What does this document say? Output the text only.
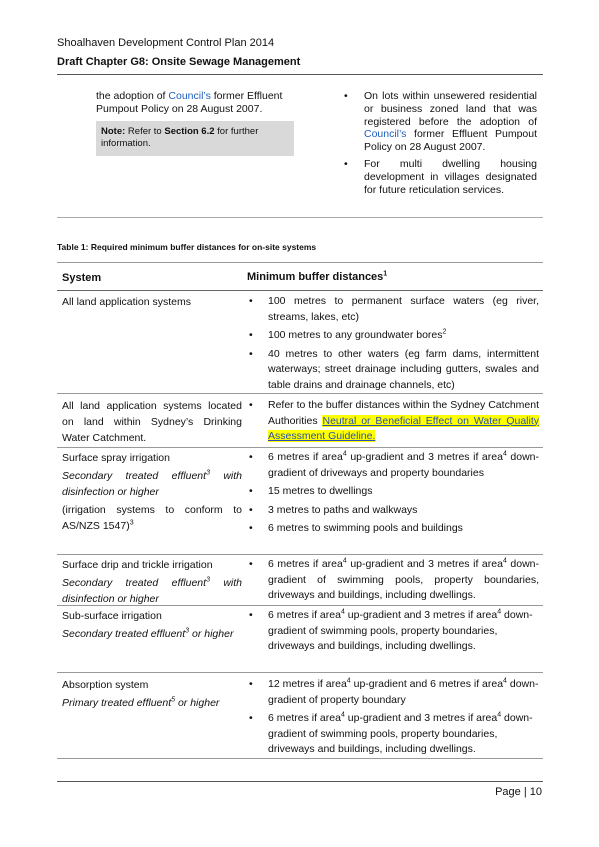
Shoalhaven Development Control Plan 2014
Draft Chapter G8: Onsite Sewage Management
the adoption of Council’s former Effluent Pumpout Policy on 28 August 2007.
Note: Refer to Section 6.2 for further information.
• On lots within unsewered residential or business zoned land that was registered before the adoption of Council’s former Effluent Pumpout Policy on 28 August 2007.
• For multi dwelling housing development in villages designated for future reticulation services.
Table 1: Required minimum buffer distances for on-site systems
System	Minimum buffer distances$^1$
All land application systems
•	100 metres to permanent surface waters (eg river, streams, lakes, etc)
• 100 metres to any groundwater bores$^2$
• 40 metres to other waters (eg farm dams, intermittent waterways; street drainage including gutters, swales and table drains and drainage channels, etc)
All land application systems located on land within Sydney’s Drinking Water Catchment.
• Refer to the buffer distances within the Sydney Catchment Authorities Neutral or Beneficial Effect on Water Quality Assessment Guideline.

Surface spray irrigation

Secondary treated effluent$^3$ with disinfection or higher

(irrigation systems to conform to AS/NZS 1547)$^3$

• 6 metres if area$^4$ up-gradient and 3 metres if area$^4$ down-gradient of driveways and property boundaries
• 15 metres to dwellings
• 3 metres to paths and walkways
• 6 metres to swimming pools and buildings

Surface drip and trickle irrigation

Secondary treated effluent$^3$ with disinfection or higher

• 6 metres if area$^4$ up-gradient and 3 metres if area$^4$ down-gradient of swimming pools, property boundaries, driveways and buildings, including dwellings.

Sub-surface irrigation

Secondary treated effluent$^3$ or higher

• 6 metres if area$^4$ up-gradient and 3 metres if area$^4$ down-gradient of swimming pools, property boundaries, driveways and buildings, including dwellings.

Absorption system

Primary treated effluent$^5$ or higher

• 12 metres if area$^4$ up-gradient and 6 metres if area$^4$ down-gradient of property boundary
• 6 metres if area$^4$ up-gradient and 3 metres if area$^4$ down-gradient of swimming pools, property boundaries, driveways and buildings, including dwellings.
Page | 10
